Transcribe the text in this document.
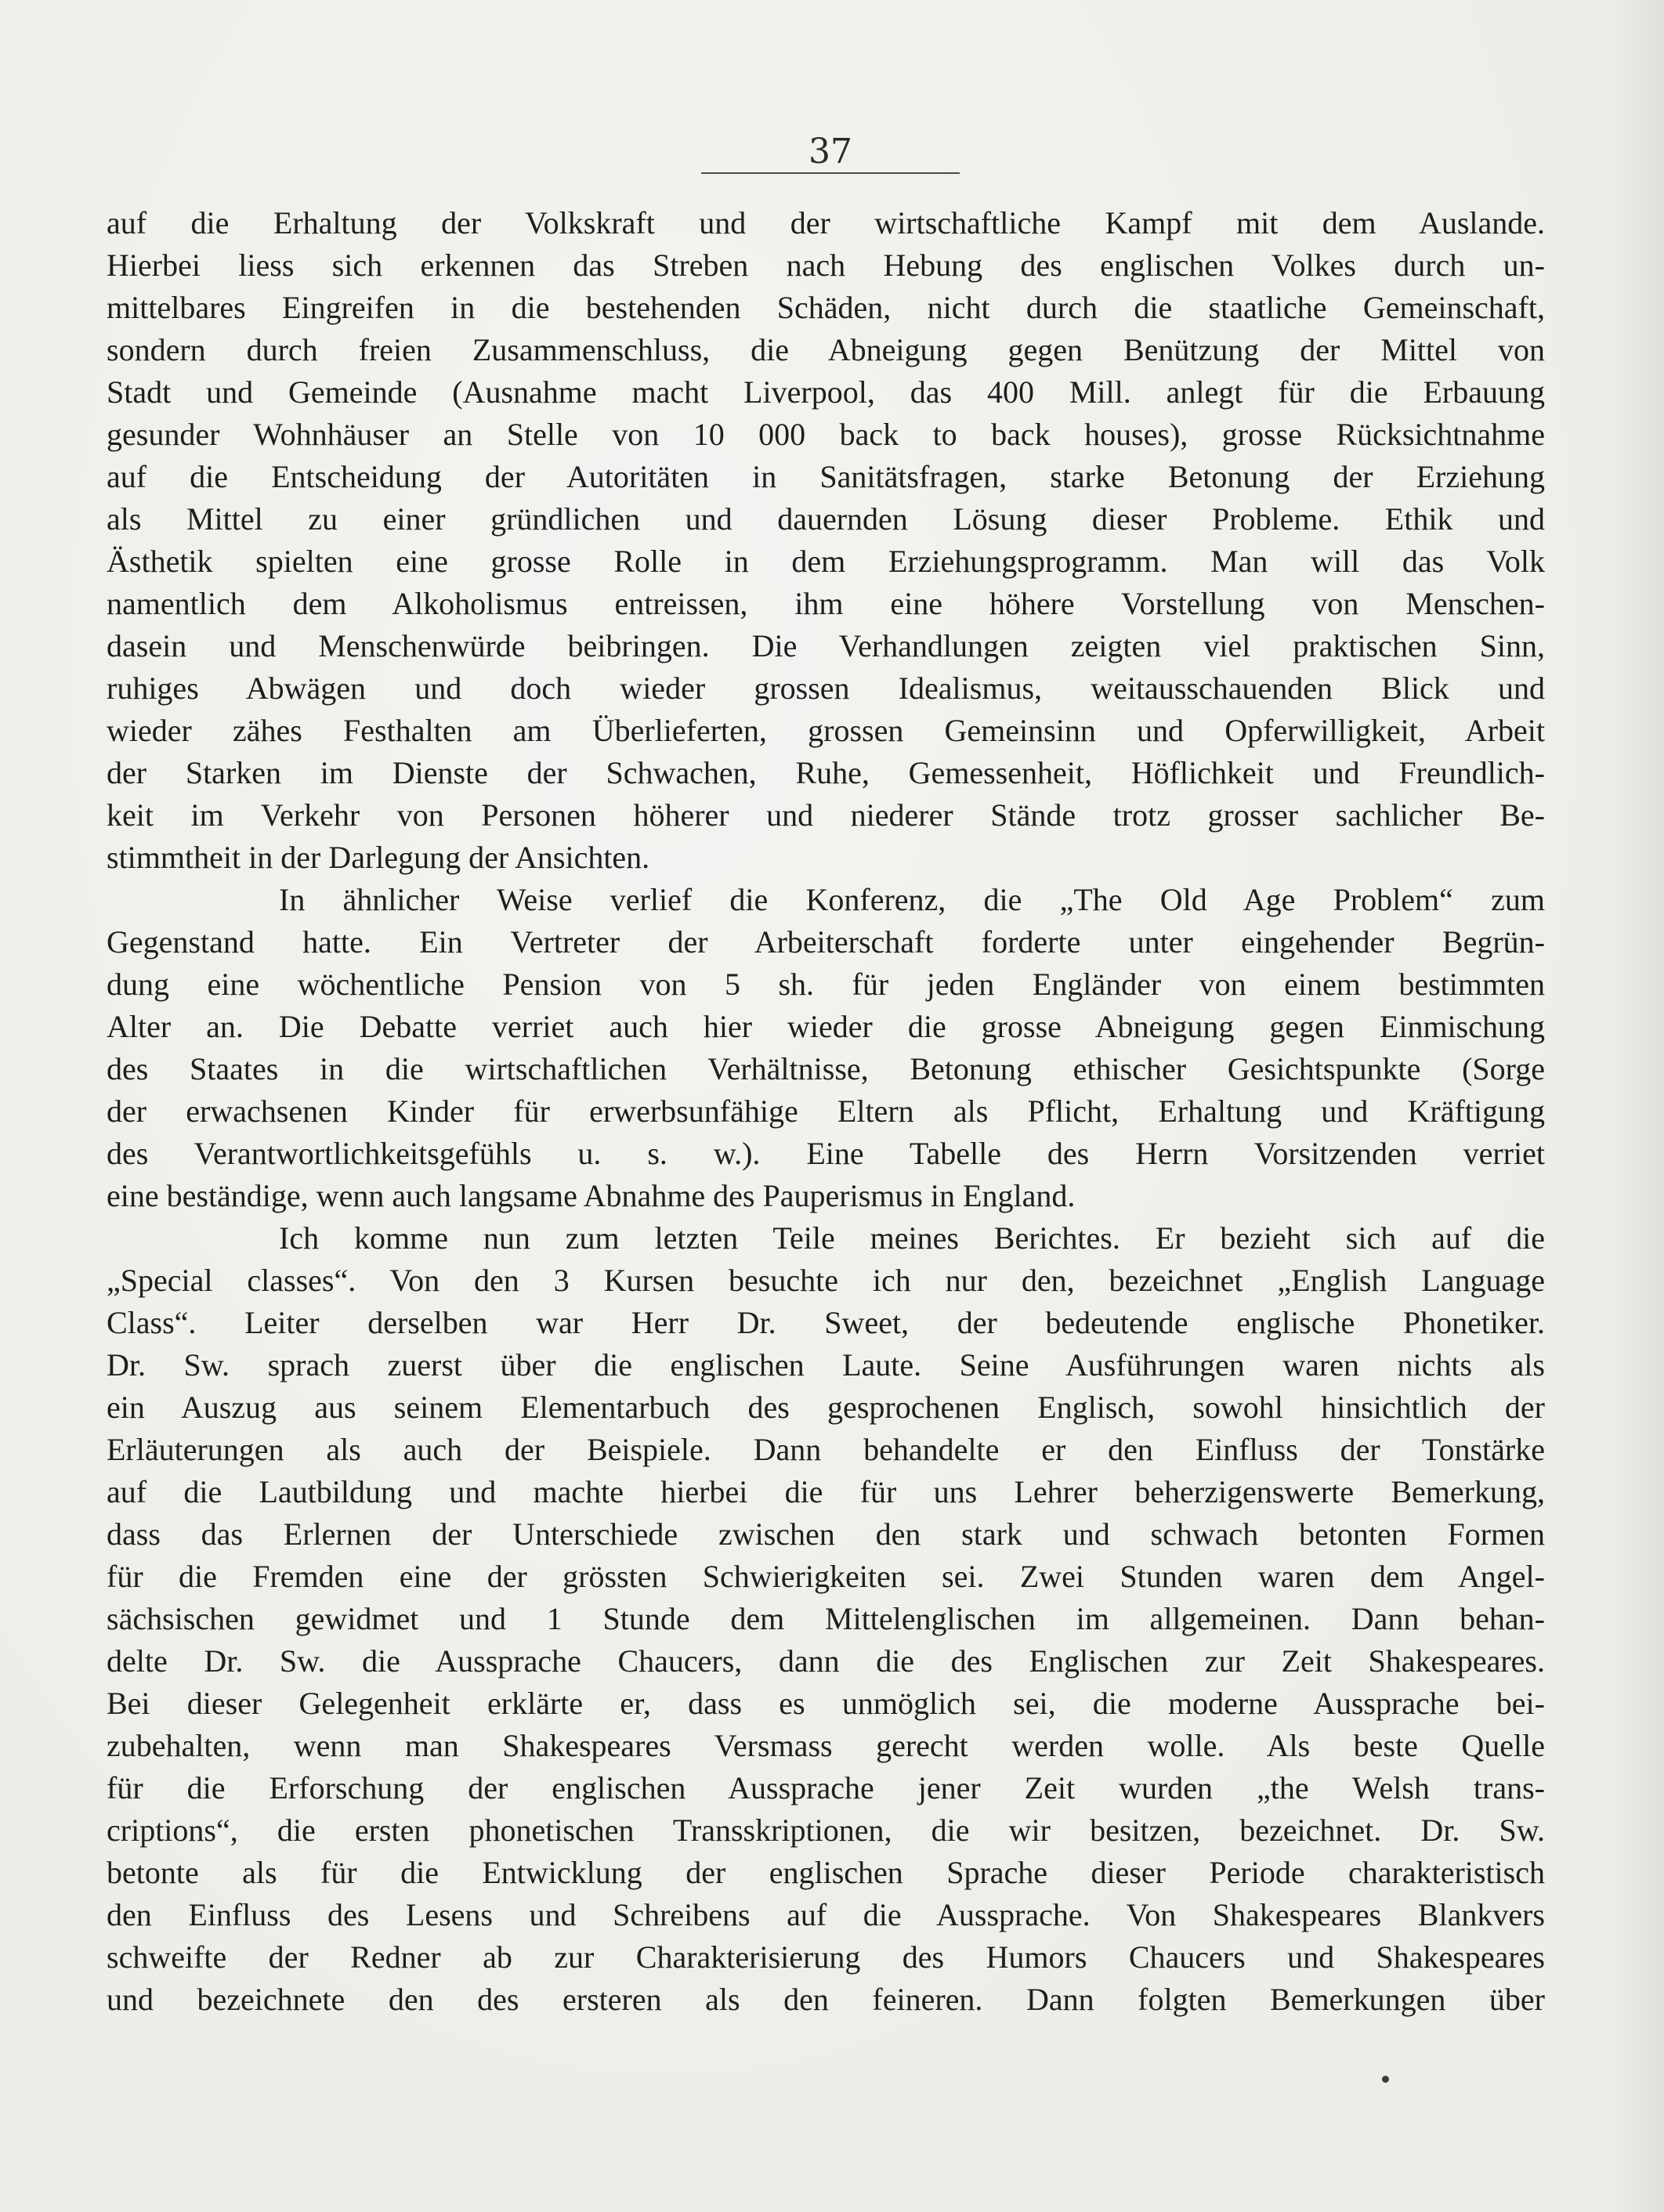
37
auf die Erhaltung der Volkskraft und der wirtschaftliche Kampf mit dem Auslande.
Hierbei liess sich erkennen das Streben nach Hebung des englischen Volkes durch un-
mittelbares Eingreifen in die bestehenden Schäden, nicht durch die staatliche Gemeinschaft,
sondern durch freien Zusammenschluss, die Abneigung gegen Benützung der Mittel von
Stadt und Gemeinde (Ausnahme macht Liverpool, das 400 Mill. anlegt für die Erbauung
gesunder Wohnhäuser an Stelle von 10 000 back to back houses), grosse Rücksichtnahme
auf die Entscheidung der Autoritäten in Sanitätsfragen, starke Betonung der Erziehung
als Mittel zu einer gründlichen und dauernden Lösung dieser Probleme. Ethik und
Ästhetik spielten eine grosse Rolle in dem Erziehungsprogramm. Man will das Volk
namentlich dem Alkoholismus entreissen, ihm eine höhere Vorstellung von Menschen-
dasein und Menschenwürde beibringen. Die Verhandlungen zeigten viel praktischen Sinn,
ruhiges Abwägen und doch wieder grossen Idealismus, weitausschauenden Blick und
wieder zähes Festhalten am Überlieferten, grossen Gemeinsinn und Opferwilligkeit, Arbeit
der Starken im Dienste der Schwachen, Ruhe, Gemessenheit, Höflichkeit und Freundlich-
keit im Verkehr von Personen höherer und niederer Stände trotz grosser sachlicher Be-
stimmtheit in der Darlegung der Ansichten.
In ähnlicher Weise verlief die Konferenz, die „The Old Age Problem“ zum
Gegenstand hatte. Ein Vertreter der Arbeiterschaft forderte unter eingehender Begrün-
dung eine wöchentliche Pension von 5 sh. für jeden Engländer von einem bestimmten
Alter an. Die Debatte verriet auch hier wieder die grosse Abneigung gegen Einmischung
des Staates in die wirtschaftlichen Verhältnisse, Betonung ethischer Gesichtspunkte (Sorge
der erwachsenen Kinder für erwerbsunfähige Eltern als Pflicht, Erhaltung und Kräftigung
des Verantwortlichkeitsgefühls u. s. w.). Eine Tabelle des Herrn Vorsitzenden verriet
eine beständige, wenn auch langsame Abnahme des Pauperismus in England.
Ich komme nun zum letzten Teile meines Berichtes. Er bezieht sich auf die
„Special classes“. Von den 3 Kursen besuchte ich nur den, bezeichnet „English Language
Class“. Leiter derselben war Herr Dr. Sweet, der bedeutende englische Phonetiker.
Dr. Sw. sprach zuerst über die englischen Laute. Seine Ausführungen waren nichts als
ein Auszug aus seinem Elementarbuch des gesprochenen Englisch, sowohl hinsichtlich der
Erläuterungen als auch der Beispiele. Dann behandelte er den Einfluss der Tonstärke
auf die Lautbildung und machte hierbei die für uns Lehrer beherzigenswerte Bemerkung,
dass das Erlernen der Unterschiede zwischen den stark und schwach betonten Formen
für die Fremden eine der grössten Schwierigkeiten sei. Zwei Stunden waren dem Angel-
sächsischen gewidmet und 1 Stunde dem Mittelenglischen im allgemeinen. Dann behan-
delte Dr. Sw. die Aussprache Chaucers, dann die des Englischen zur Zeit Shakespeares.
Bei dieser Gelegenheit erklärte er, dass es unmöglich sei, die moderne Aussprache bei-
zubehalten, wenn man Shakespeares Versmass gerecht werden wolle. Als beste Quelle
für die Erforschung der englischen Aussprache jener Zeit wurden „the Welsh trans-
criptions“, die ersten phonetischen Transskriptionen, die wir besitzen, bezeichnet. Dr. Sw.
betonte als für die Entwicklung der englischen Sprache dieser Periode charakteristisch
den Einfluss des Lesens und Schreibens auf die Aussprache. Von Shakespeares Blankvers
schweifte der Redner ab zur Charakterisierung des Humors Chaucers und Shakespeares
und bezeichnete den des ersteren als den feineren. Dann folgten Bemerkungen über
